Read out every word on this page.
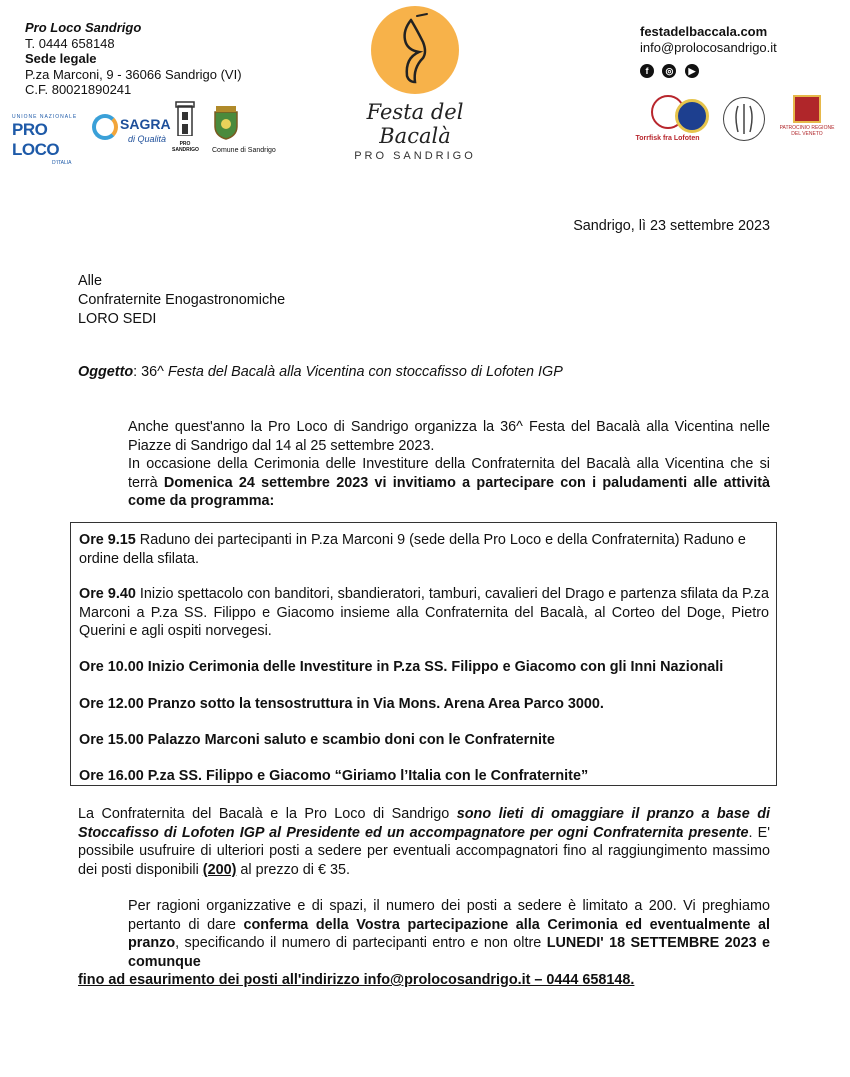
Pro Loco Sandrigo
T. 0444 658148
Sede legale
P.za Marconi, 9 - 36066 Sandrigo (VI)
C.F. 80021890241
UNIONE NAZIONALE
PRO LOCO
D'ITALIA
SAGRA
di Qualità	PRO SANDRIGO Comune di Sandrigo
Festa del Bacalà
PRO SANDRIGO
festadelbaccala.com
info@prolocosandrigo.it
f ◎ ▶
Torrfisk fra Lofoten
PATROCINIO REGIONE DEL VENETO
Sandrigo, lì 23 settembre 2023
Alle
Confraternite Enogastronomiche
LORO SEDI
Oggetto: 36^ Festa del Bacalà alla Vicentina con stoccafisso di Lofoten IGP
Anche quest'anno la Pro Loco di Sandrigo organizza la 36^ Festa del Bacalà alla Vicentina nelle Piazze di Sandrigo dal 14 al 25 settembre 2023.
In occasione della Cerimonia delle Investiture della Confraternita del Bacalà alla Vicentina che si terrà Domenica 24 settembre 2023 vi invitiamo a partecipare con i paludamenti alle attività come da programma:
Ore 9.15 Raduno dei partecipanti in P.za Marconi 9 (sede della Pro Loco e della Confraternita) Raduno e ordine della sfilata.
Ore 9.40 Inizio spettacolo con banditori, sbandieratori, tamburi, cavalieri del Drago e partenza sfilata da P.za Marconi a P.za SS. Filippo e Giacomo insieme alla Confraternita del Bacalà, al Corteo del Doge, Pietro Querini e agli ospiti norvegesi.
Ore 10.00 Inizio Cerimonia delle Investiture in P.za SS. Filippo e Giacomo con gli Inni Nazionali
Ore 12.00 Pranzo sotto la tensostruttura in Via Mons. Arena Area Parco 3000.
Ore 15.00 Palazzo Marconi saluto e scambio doni con le Confraternite
Ore 16.00 P.za SS. Filippo e Giacomo “Giriamo l’Italia con le Confraternite”
La Confraternita del Bacalà e la Pro Loco di Sandrigo sono lieti di omaggiare il pranzo a base di Stoccafisso di Lofoten IGP al Presidente ed un accompagnatore per ogni Confraternita presente. E' possibile usufruire di ulteriori posti a sedere per eventuali accompagnatori fino al raggiungimento massimo dei posti disponibili (200) al prezzo di € 35.
Per ragioni organizzative e di spazi, il numero dei posti a sedere è limitato a 200. Vi preghiamo pertanto di dare conferma della Vostra partecipazione alla Cerimonia ed eventualmente al pranzo, specificando il numero di partecipanti entro e non oltre LUNEDI' 18 SETTEMBRE 2023 e comunque
fino ad esaurimento dei posti all'indirizzo info@prolocosandrigo.it – 0444 658148.
